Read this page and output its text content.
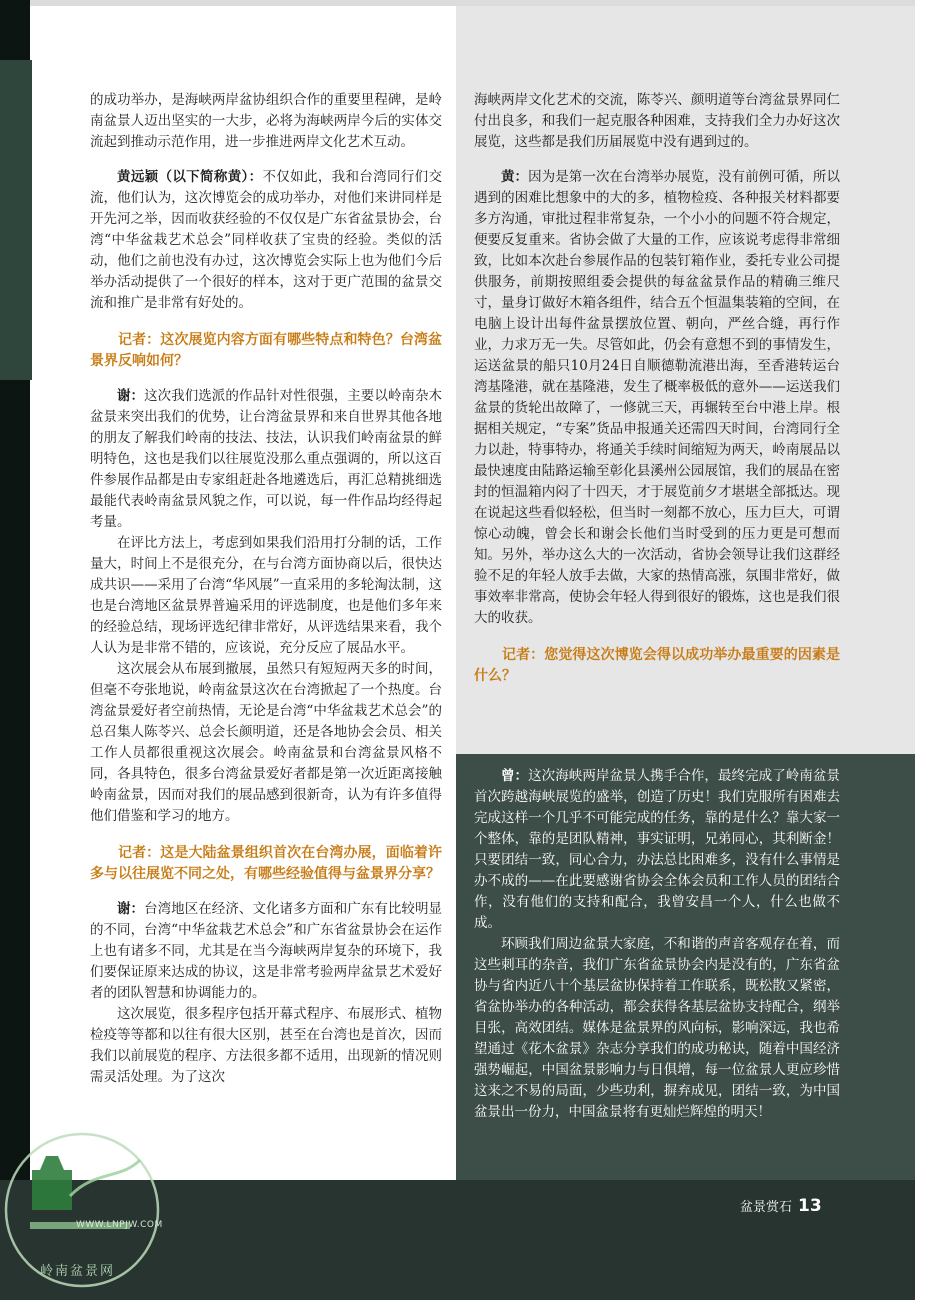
的成功举办，是海峡两岸盆协组织合作的重要里程碑，是岭南盆景人迈出坚实的一大步，必将为海峡两岸今后的实体交流起到推动示范作用，进一步推进两岸文化艺术互动。

黄远颖（以下简称黄）：不仅如此，我和台湾同行们交流，他们认为，这次博览会的成功举办，对他们来讲同样是开先河之举，因而收获经验的不仅仅是广东省盆景协会，台湾“中华盆栽艺术总会”同样收获了宝贵的经验。类似的活动，他们之前也没有办过，这次博览会实际上也为他们今后举办活动提供了一个很好的样本，这对于更广范围的盆景交流和推广是非常有好处的。

记者：这次展览内容方面有哪些特点和特色？台湾盆景界反响如何？

谢：这次我们选派的作品针对性很强，主要以岭南杂木盆景来突出我们的优势，让台湾盆景界和来自世界其他各地的朋友了解我们岭南的技法、技法，认识我们岭南盆景的鲜明特色，这也是我们以往展览没那么重点强调的，所以这百件参展作品都是由专家组赶赴各地遴选后，再汇总精挑细选最能代表岭南盆景风貌之作，可以说，每一件作品均经得起考量。

在评比方法上，考虑到如果我们沿用打分制的话，工作量大，时间上不是很充分，在与台湾方面协商以后，很快达成共识——采用了台湾“华风展”一直采用的多轮淘汰制，这也是台湾地区盆景界普遍采用的评选制度，也是他们多年来的经验总结，现场评选纪律非常好，从评选结果来看，我个人认为是非常不错的，应该说，充分反应了展品水平。

这次展会从布展到撤展，虽然只有短短两天多的时间，但毫不夸张地说，岭南盆景这次在台湾掀起了一个热度。台湾盆景爱好者空前热情，无论是台湾“中华盆栽艺术总会”的总召集人陈苓兴、总会长颜明道，还是各地协会会员、相关工作人员都很重视这次展会。岭南盆景和台湾盆景风格不同，各具特色，很多台湾盆景爱好者都是第一次近距离接触岭南盆景，因而对我们的展品感到很新奇，认为有许多值得他们借鉴和学习的地方。

记者：这是大陆盆景组织首次在台湾办展，面临着许多与以往展览不同之处，有哪些经验值得与盆景界分享？

谢：台湾地区在经济、文化诸多方面和广东有比较明显的不同，台湾“中华盆栽艺术总会”和广东省盆景协会在运作上也有诸多不同，尤其是在当今海峡两岸复杂的环境下，我们要保证原来达成的协议，这是非常考验两岸盆景艺术爱好者的团队智慧和协调能力的。

这次展览，很多程序包括开幕式程序、布展形式、植物检疫等等都和以往有很大区别，甚至在台湾也是首次，因而我们以前展览的程序、方法很多都不适用，出现新的情况则需灵活处理。为了这次

海峡两岸文化艺术的交流，陈苓兴、颜明道等台湾盆景界同仁付出良多，和我们一起克服各种困难，支持我们全力办好这次展览，这些都是我们历届展览中没有遇到过的。

黄：因为是第一次在台湾举办展览，没有前例可循，所以遇到的困难比想象中的大的多，植物检疫、各种报关材料都要多方沟通，审批过程非常复杂，一个小小的问题不符合规定，便要反复重来。省协会做了大量的工作，应该说考虑得非常细致，比如本次赴台参展作品的包装钉箱作业，委托专业公司提供服务，前期按照组委会提供的每盆盆景作品的精确三维尺寸，量身订做好木箱各组件，结合五个恒温集装箱的空间，在电脑上设计出每件盆景摆放位置、朝向，严丝合缝，再行作业，力求万无一失。尽管如此，仍会有意想不到的事情发生，运送盆景的船只10月24日自顺德勒流港出海，至香港转运台湾基隆港，就在基隆港，发生了概率极低的意外——运送我们盆景的货轮出故障了，一修就三天，再辗转至台中港上岸。根据相关规定，“专案”货品申报通关还需四天时间，台湾同行全力以赴，特事特办，将通关手续时间缩短为两天，岭南展品以最快速度由陆路运输至彰化县溪州公园展馆，我们的展品在密封的恒温箱内闷了十四天，才于展览前夕才堪堪全部抵达。现在说起这些看似轻松，但当时一刻都不放心，压力巨大，可谓惊心动魄，曾会长和谢会长他们当时受到的压力更是可想而知。另外，举办这么大的一次活动，省协会领导让我们这群经验不足的年轻人放手去做，大家的热情高涨，氛围非常好，做事效率非常高，使协会年轻人得到很好的锻炼，这也是我们很大的收获。

记者：您觉得这次博览会得以成功举办最重要的因素是什么？

曾：这次海峡两岸盆景人携手合作，最终完成了岭南盆景首次跨越海峡展览的盛举，创造了历史！我们克服所有困难去完成这样一个几乎不可能完成的任务，靠的是什么？靠大家一个整体，靠的是团队精神，事实证明，兄弟同心，其利断金！只要团结一致，同心合力，办法总比困难多，没有什么事情是办不成的——在此要感谢省协会全体会员和工作人员的团结合作，没有他们的支持和配合，我曾安昌一个人，什么也做不成。

环顾我们周边盆景大家庭，不和谐的声音客观存在着，而这些刺耳的杂音，我们广东省盆景协会内是没有的，广东省盆协与省内近八十个基层盆协保持着工作联系，既松散又紧密，省盆协举办的各种活动，都会获得各基层盆协支持配合，纲举目张，高效团结。媒体是盆景界的风向标，影响深远，我也希望通过《花木盆景》杂志分享我们的成功秘诀，随着中国经济强势崛起，中国盆景影响力与日俱增，每一位盆景人更应珍惜这来之不易的局面，少些功利，摒弃成见，团结一致，为中国盆景出一份力，中国盆景将有更灿烂辉煌的明天！

盆景赏石 13
WWW.LNPJW.COM
岭南盆景网
